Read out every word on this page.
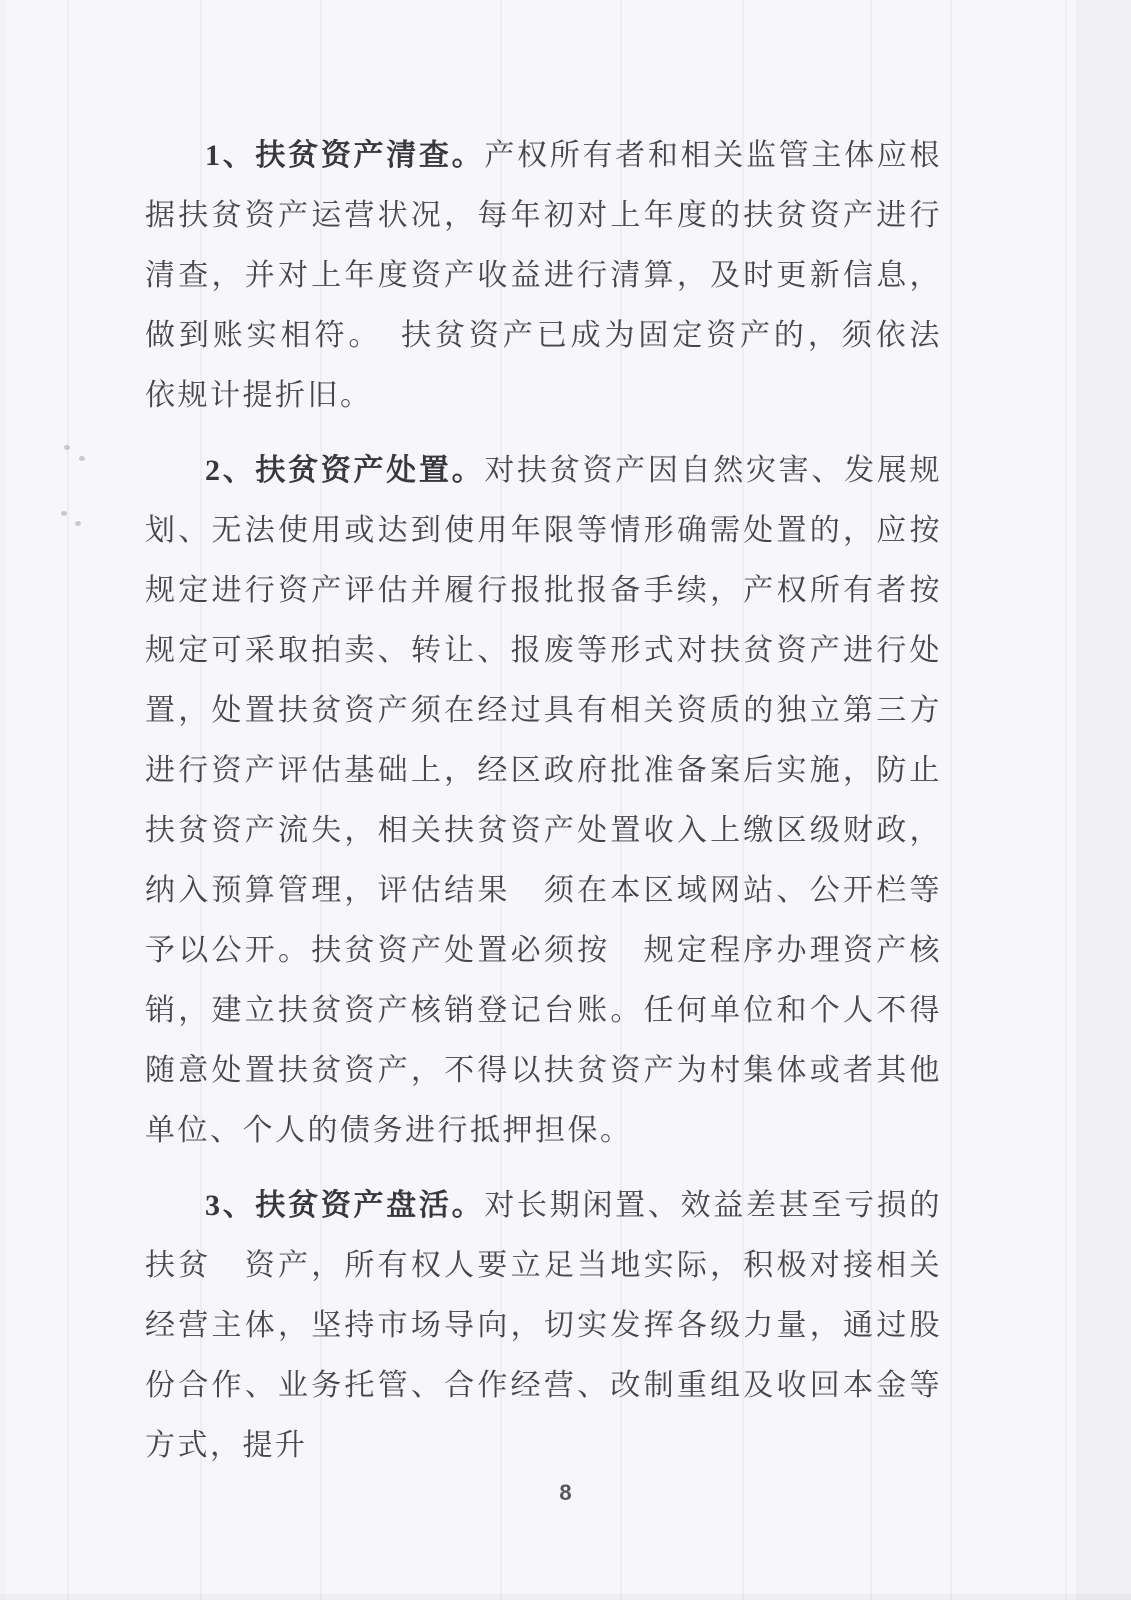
1、扶贫资产清查。产权所有者和相关监管主体应根据扶贫资产运营状况，每年初对上年度的扶贫资产进行清查，并对上年度资产收益进行清算，及时更新信息，做到账实相符。　扶贫资产已成为固定资产的，须依法依规计提折旧。

2、扶贫资产处置。对扶贫资产因自然灾害、发展规划、无法使用或达到使用年限等情形确需处置的，应按规定进行资产评估并履行报批报备手续，产权所有者按规定可采取拍卖、转让、报废等形式对扶贫资产进行处置，处置扶贫资产须在经过具有相关资质的独立第三方进行资产评估基础上，经区政府批准备案后实施，防止扶贫资产流失，相关扶贫资产处置收入上缴区级财政，纳入预算管理，评估结果　须在本区域网站、公开栏等予以公开。扶贫资产处置必须按　规定程序办理资产核销，建立扶贫资产核销登记台账。任何单位和个人不得随意处置扶贫资产，不得以扶贫资产为村集体或者其他单位、个人的债务进行抵押担保。

3、扶贫资产盘活。对长期闲置、效益差甚至亏损的扶贫　资产，所有权人要立足当地实际，积极对接相关经营主体，坚持市场导向，切实发挥各级力量，通过股份合作、业务托管、合作经营、改制重组及收回本金等方式，提升

8
